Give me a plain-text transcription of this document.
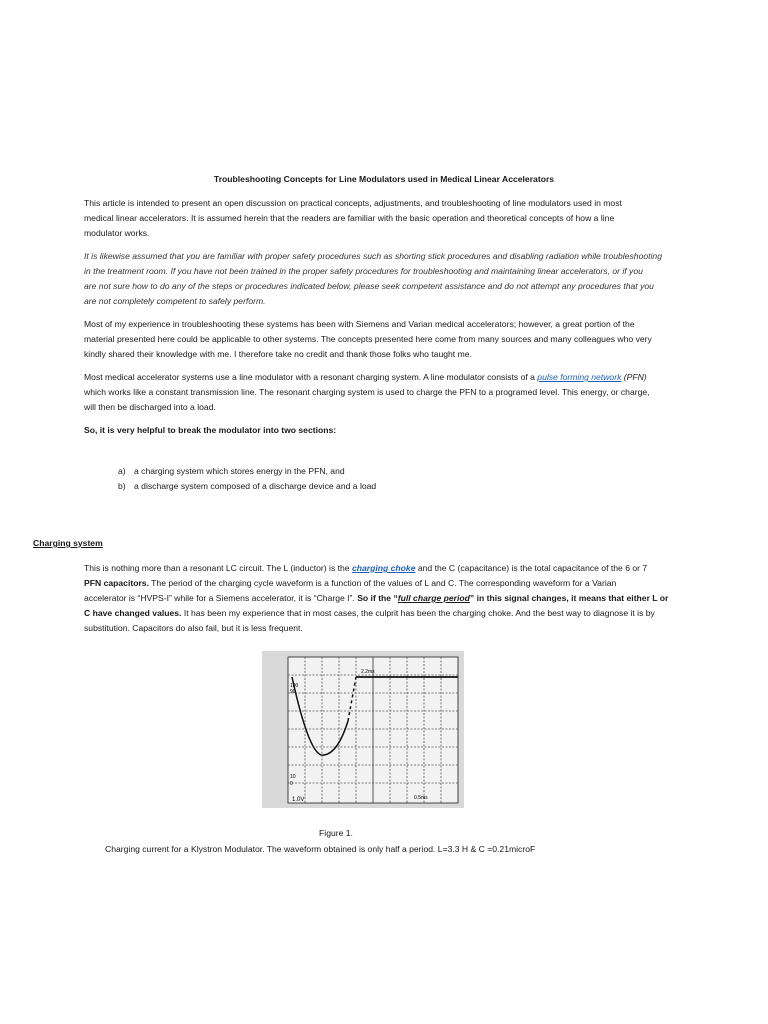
Troubleshooting Concepts for Line Modulators used in Medical Linear Accelerators
This article is intended to present an open discussion on practical concepts, adjustments, and troubleshooting of line modulators used in most
medical linear accelerators. It is assumed herein that the readers are familiar with the basic operation and theoretical concepts of how a line
modulator works.
It is likewise assumed that you are familiar with proper safety procedures such as shorting stick procedures and disabling radiation while troubleshooting
in the treatment room. If you have not been trained in the proper safety procedures for troubleshooting and maintaining linear accelerators, or if you
are not sure how to do any of the steps or procedures indicated below, please seek competent assistance and do not attempt any procedures that you
are not completely competent to safely perform.
Most of my experience in troubleshooting these systems has been with Siemens and Varian medical accelerators; however, a great portion of the
material presented here could be applicable to other systems. The concepts presented here come from many sources and many colleagues who very
kindly shared their knowledge with me. I therefore take no credit and thank those folks who taught me.
Most medical accelerator systems use a line modulator with a resonant charging system. A line modulator consists of a pulse forming network (PFN)
which works like a constant transmission line. The resonant charging system is used to charge the PFN to a programed level. This energy, or charge,
will then be discharged into a load.
So, it is very helpful to break the modulator into two sections:
a) a charging system which stores energy in the PFN, and
b) a discharge system composed of a discharge device and a load
Charging system
This is nothing more than a resonant LC circuit. The L (inductor) is the charging choke and the C (capacitance) is the total capacitance of the 6 or 7
PFN capacitors. The period of the charging cycle waveform is a function of the values of L and C. The corresponding waveform for a Varian
accelerator is “HVPS-I” while for a Siemens accelerator, it is “Charge I”. So if the “full charge period” in this signal changes, it means that either L or
C have changed values. It has been my experience that in most cases, the culprit has been the charging choke. And the best way to diagnose it is by
substitution. Capacitors do also fail, but it is less frequent.
100
90
10
0
1.0V
2.2ms
0.5ms
Figure 1.
Charging current for a Klystron Modulator. The waveform obtained is only half a period. L=3.3 H & C =0.21microF
